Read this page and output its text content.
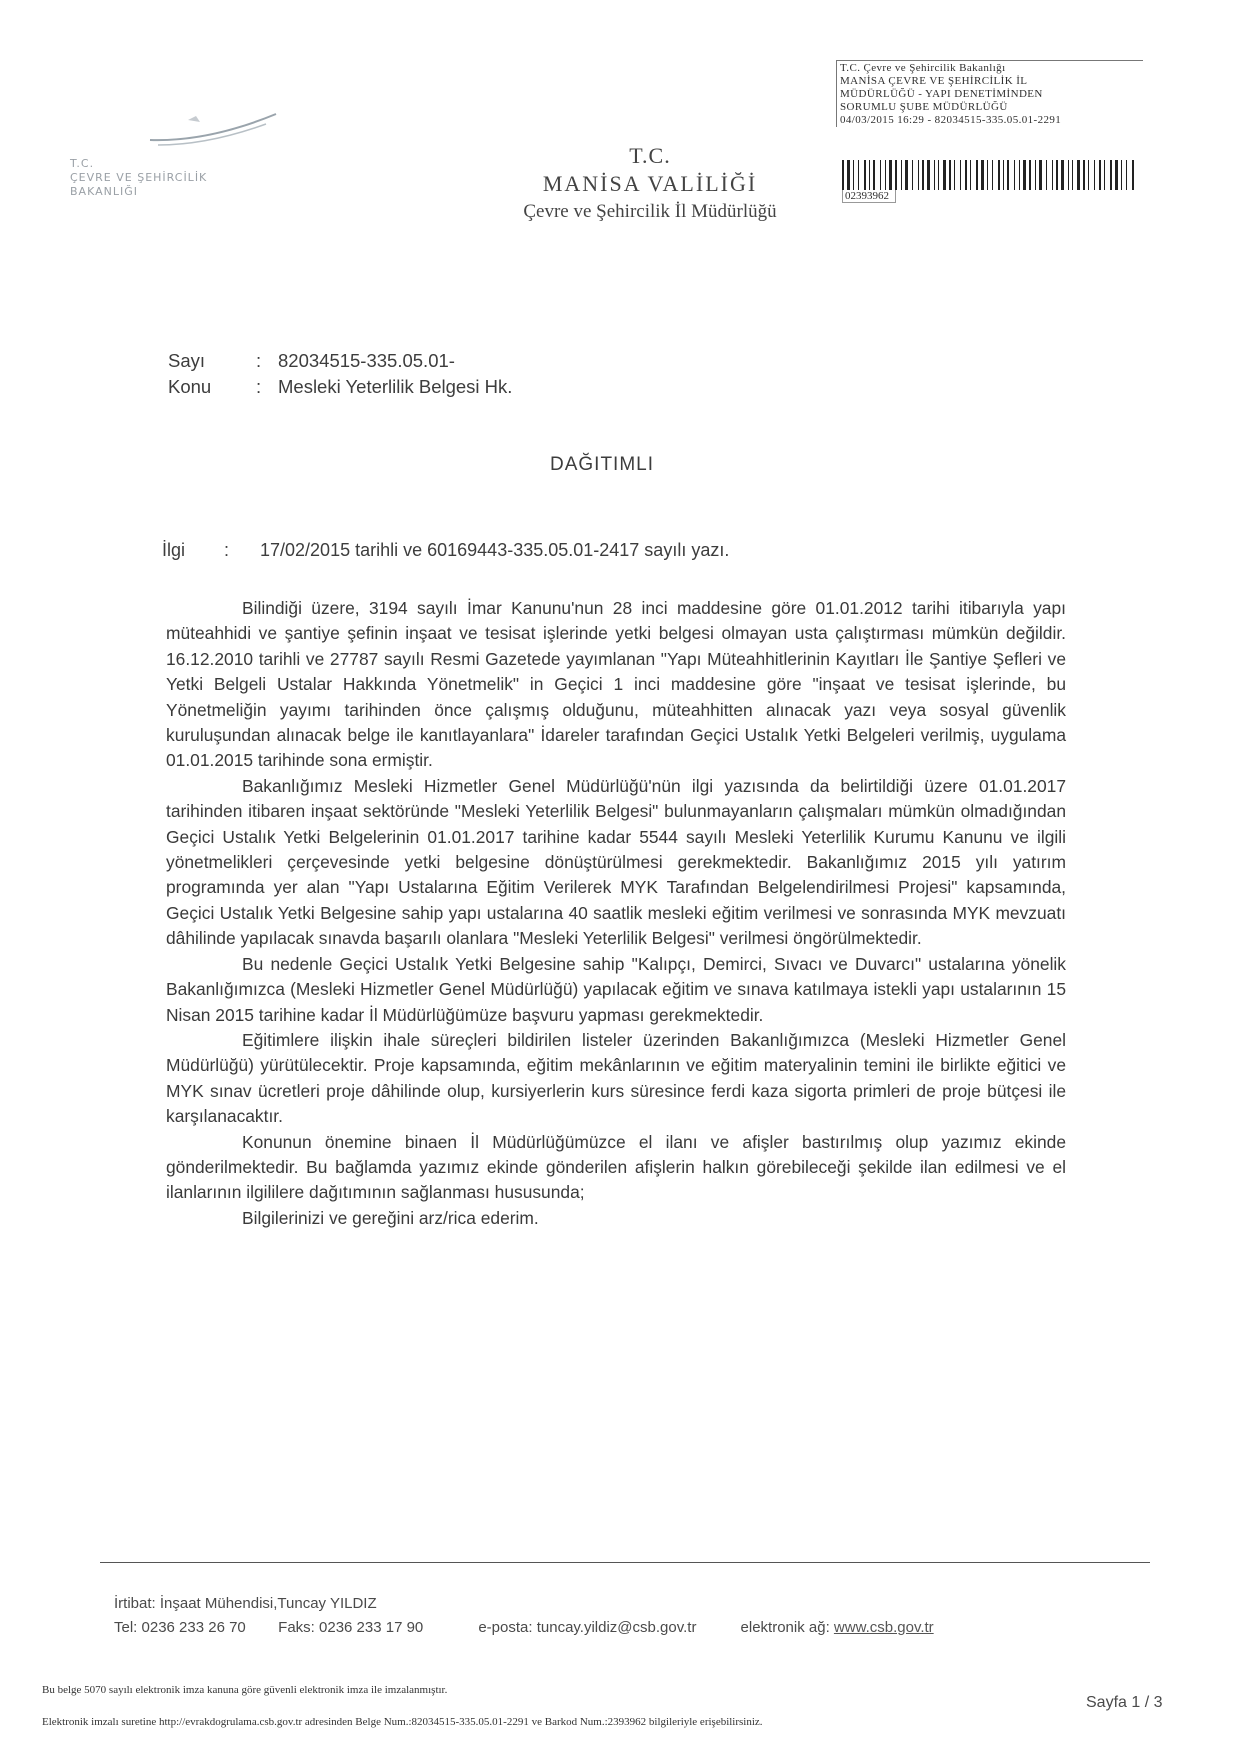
T.C.
ÇEVRE VE ŞEHİRCİLİK
BAKANLIĞI
T.C.
MANİSA VALİLİĞİ
Çevre ve Şehircilik İl Müdürlüğü
T.C. Çevre ve Şehircilik Bakanlığı
MANİSA ÇEVRE VE ŞEHİRCİLİK İL
MÜDÜRLÜĞÜ - YAPI DENETİMİNDEN
SORUMLU ŞUBE MÜDÜRLÜĞÜ
04/03/2015 16:29 - 82034515-335.05.01-2291
02393962
Sayı	: 82034515-335.05.01-
Konu	: Mesleki Yeterlilik Belgesi Hk.
DAĞITIMLI
İlgi	:	17/02/2015 tarihli ve 60169443-335.05.01-2417 sayılı yazı.

Bilindiği üzere, 3194 sayılı İmar Kanunu'nun 28 inci maddesine göre 01.01.2012 tarihi itibarıyla yapı müteahhidi ve şantiye şefinin inşaat ve tesisat işlerinde yetki belgesi olmayan usta çalıştırması mümkün değildir. 16.12.2010 tarihli ve 27787 sayılı Resmi Gazetede yayımlanan "Yapı Müteahhitlerinin Kayıtları İle Şantiye Şefleri ve Yetki Belgeli Ustalar Hakkında Yönetmelik" in Geçici 1 inci maddesine göre "inşaat ve tesisat işlerinde, bu Yönetmeliğin yayımı tarihinden önce çalışmış olduğunu, müteahhitten alınacak yazı veya sosyal güvenlik kuruluşundan alınacak belge ile kanıtlayanlara" İdareler tarafından Geçici Ustalık Yetki Belgeleri verilmiş, uygulama 01.01.2015 tarihinde sona ermiştir.

Bakanlığımız Mesleki Hizmetler Genel Müdürlüğü'nün ilgi yazısında da belirtildiği üzere 01.01.2017 tarihinden itibaren inşaat sektöründe "Mesleki Yeterlilik Belgesi" bulunmayanların çalışmaları mümkün olmadığından Geçici Ustalık Yetki Belgelerinin 01.01.2017 tarihine kadar 5544 sayılı Mesleki Yeterlilik Kurumu Kanunu ve ilgili yönetmelikleri çerçevesinde yetki belgesine dönüştürülmesi gerekmektedir. Bakanlığımız 2015 yılı yatırım programında yer alan "Yapı Ustalarına Eğitim Verilerek MYK Tarafından Belgelendirilmesi Projesi" kapsamında, Geçici Ustalık Yetki Belgesine sahip yapı ustalarına 40 saatlik mesleki eğitim verilmesi ve sonrasında MYK mevzuatı dâhilinde yapılacak sınavda başarılı olanlara "Mesleki Yeterlilik Belgesi" verilmesi öngörülmektedir.

Bu nedenle Geçici Ustalık Yetki Belgesine sahip "Kalıpçı, Demirci, Sıvacı ve Duvarcı" ustalarına yönelik Bakanlığımızca (Mesleki Hizmetler Genel Müdürlüğü) yapılacak eğitim ve sınava katılmaya istekli yapı ustalarının 15 Nisan 2015 tarihine kadar İl Müdürlüğümüze başvuru yapması gerekmektedir.

Eğitimlere ilişkin ihale süreçleri bildirilen listeler üzerinden Bakanlığımızca (Mesleki Hizmetler Genel Müdürlüğü) yürütülecektir. Proje kapsamında, eğitim mekânlarının ve eğitim materyalinin temini ile birlikte eğitici ve MYK sınav ücretleri proje dâhilinde olup, kursiyerlerin kurs süresince ferdi kaza sigorta primleri de proje bütçesi ile karşılanacaktır.

Konunun önemine binaen İl Müdürlüğümüzce el ilanı ve afişler bastırılmış olup yazımız ekinde gönderilmektedir. Bu bağlamda yazımız ekinde gönderilen afişlerin halkın görebileceği şekilde ilan edilmesi ve el ilanlarının ilgililere dağıtımının sağlanması hususunda;

Bilgilerinizi ve gereğini arz/rica ederim.

İrtibat: İnşaat Mühendisi,Tuncay YILDIZ
Tel: 0236 233 26 70 Faks: 0236 233 17 90	e-posta: tuncay.yildiz@csb.gov.tr	elektronik ağ: www.csb.gov.tr
Bu belge 5070 sayılı elektronik imza kanuna göre güvenli elektronik imza ile imzalanmıştır.
Sayfa 1 / 3
Elektronik imzalı suretine http://evrakdogrulama.csb.gov.tr adresinden Belge Num.:82034515-335.05.01-2291 ve Barkod Num.:2393962 bilgileriyle erişebilirsiniz.
